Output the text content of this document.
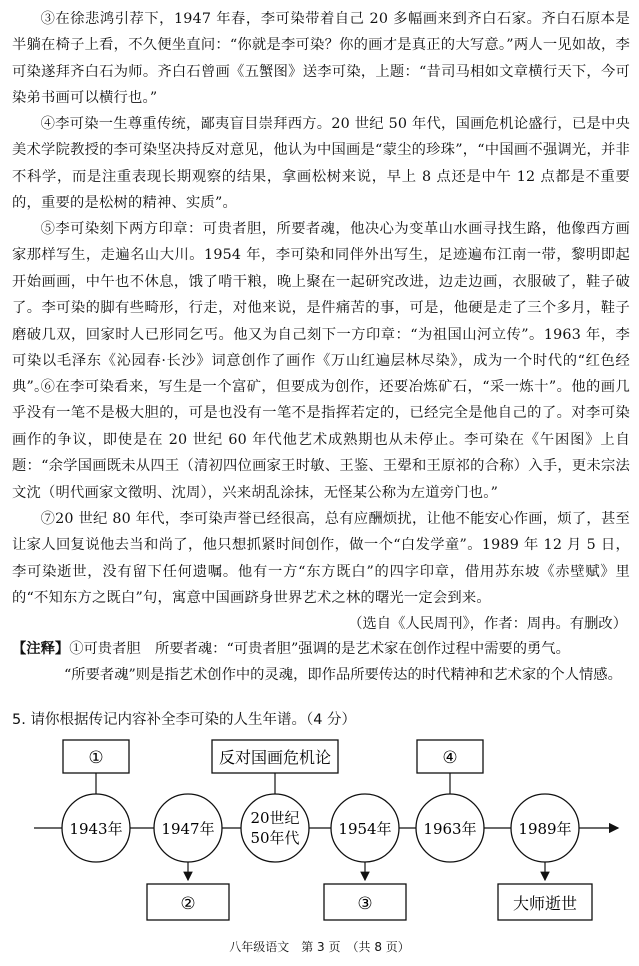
③在徐悲鸿引荐下，1947 年春，李可染带着自己 20 多幅画来到齐白石家。齐白石原本是半躺在椅子上看，不久便坐直问：“你就是李可染？你的画才是真正的大写意。”两人一见如故，李可染遂拜齐白石为师。齐白石曾画《五蟹图》送李可染，上题：“昔司马相如文章横行天下，今可染弟书画可以横行也。”
④李可染一生尊重传统，鄙夷盲目崇拜西方。20 世纪 50 年代，国画危机论盛行，已是中央美术学院教授的李可染坚决持反对意见，他认为中国画是“蒙尘的珍珠”，“中国画不强调光，并非不科学，而是注重表现长期观察的结果，拿画松树来说，早上 8 点还是中午 12 点都是不重要的，重要的是松树的精神、实质”。
⑤李可染刻下两方印章：可贵者胆，所要者魂，他决心为变革山水画寻找生路，他像西方画家那样写生，走遍名山大川。1954 年，李可染和同伴外出写生，足迹遍布江南一带，黎明即起开始画画，中午也不休息，饿了啃干粮，晚上聚在一起研究改进，边走边画，衣服破了，鞋子破了。李可染的脚有些畸形，行走，对他来说，是件痛苦的事，可是，他硬是走了三个多月，鞋子磨破几双，回家时人已形同乞丐。他又为自己刻下一方印章：“为祖国山河立传”。1963 年，李可染以毛泽东《沁园春·长沙》词意创作了画作《万山红遍层林尽染》，成为一个时代的“红色经典”。
⑥在李可染看来，写生是一个富矿，但要成为创作，还要冶炼矿石，“采一炼十”。他的画几乎没有一笔不是极大胆的，可是也没有一笔不是指挥若定的，已经完全是他自己的了。对李可染画作的争议，即使是在 20 世纪 60 年代他艺术成熟期也从未停止。李可染在《午困图》上自题：“余学国画既未从四王（清初四位画家王时敏、王鉴、王翚和王原祁的合称）入手，更未宗法文沈（明代画家文徵明、沈周），兴来胡乱涂抹，无怪某公称为左道旁门也。”
⑦20 世纪 80 年代，李可染声誉已经很高，总有应酬烦扰，让他不能安心作画，烦了，甚至让家人回复说他去当和尚了，他只想抓紧时间创作，做一个“白发学童”。1989 年 12 月 5 日，李可染逝世，没有留下任何遗嘱。他有一方“东方既白”的四字印章，借用苏东坡《赤壁赋》里的“不知东方之既白”句，寓意中国画跻身世界艺术之林的曙光一定会到来。
（选自《人民周刊》，作者：周冉。有删改）
【注释】①可贵者胆　所要者魂：“可贵者胆”强调的是艺术家在创作过程中需要的勇气。
“所要者魂”则是指艺术创作中的灵魂，即作品所要传达的时代精神和艺术家的个人情感。
5. 请你根据传记内容补全李可染的人生年谱。（4 分）
①	反对国画危机论	④
1943年	1947年
20世纪
50年代	1954年 1963年	1989年
②	③	大师逝世
八年级语文　第 3 页　（共 8 页）
